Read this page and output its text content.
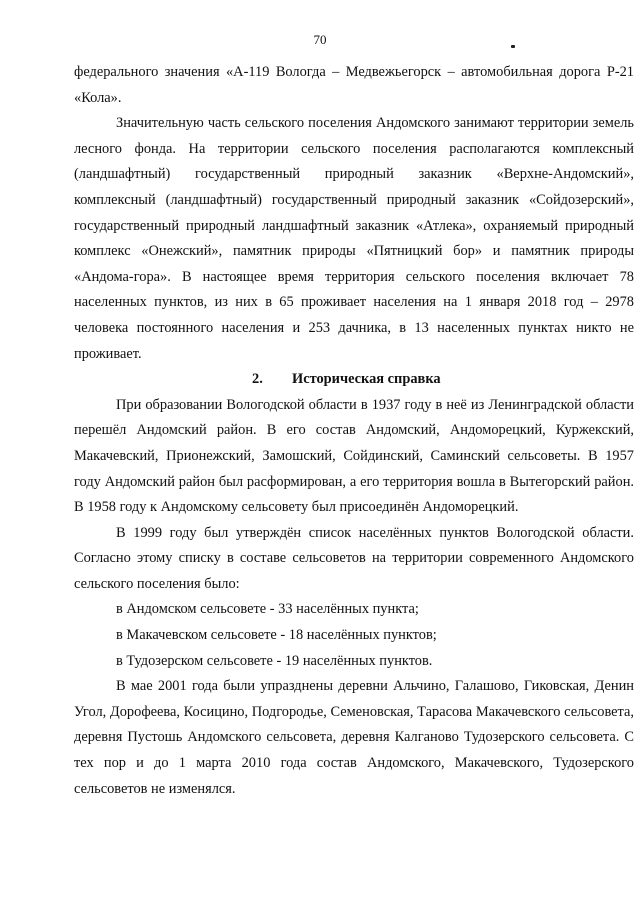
70

федерального значения «А-119 Вологда – Медвежьегорск – автомобильная дорога Р-21 «Кола».

Значительную часть сельского поселения Андомского занимают территории земель лесного фонда. На территории сельского поселения располагаются комплексный (ландшафтный) государственный природный заказник «Верхне-Андомский», комплексный (ландшафтный) государственный природный заказник «Сойдозерский», государственный природный ландшафтный заказник «Атлека», охраняемый природный комплекс «Онежский», памятник природы «Пятницкий бор» и памятник природы «Андома-гора». В настоящее время территория сельского поселения включает 78 населенных пунктов, из них в 65 проживает населения на 1 января 2018 год – 2978 человека постоянного населения и 253 дачника, в 13 населенных пунктах никто не проживает.

2. Историческая справка

При образовании Вологодской области в 1937 году в неё из Ленинградской области перешёл Андомский район. В его состав Андомский, Андоморецкий, Куржекский, Макачевский, Прионежский, Замошский, Сойдинский, Саминский сельсоветы. В 1957 году Андомский район был расформирован, а его территория вошла в Вытегорский район. В 1958 году к Андомскому сельсовету был присоединён Андоморецкий.

В 1999 году был утверждён список населённых пунктов Вологодской области. Согласно этому списку в составе сельсоветов на территории современного Андомского сельского поселения было:

в Андомском сельсовете - 33 населённых пункта;

в Макачевском сельсовете - 18 населённых пунктов;

в Тудозерском сельсовете - 19 населённых пунктов.

В мае 2001 года были упразднены деревни Альчино, Галашово, Гиковская, Денин Угол, Дорофеева, Косицино, Подгородье, Семеновская, Тарасова Макачевского сельсовета, деревня Пустошь Андомского сельсовета, деревня Калганово Тудозерского сельсовета. С тех пор и до 1 марта 2010 года состав Андомского, Макачевского, Тудозерского сельсоветов не изменялся.
